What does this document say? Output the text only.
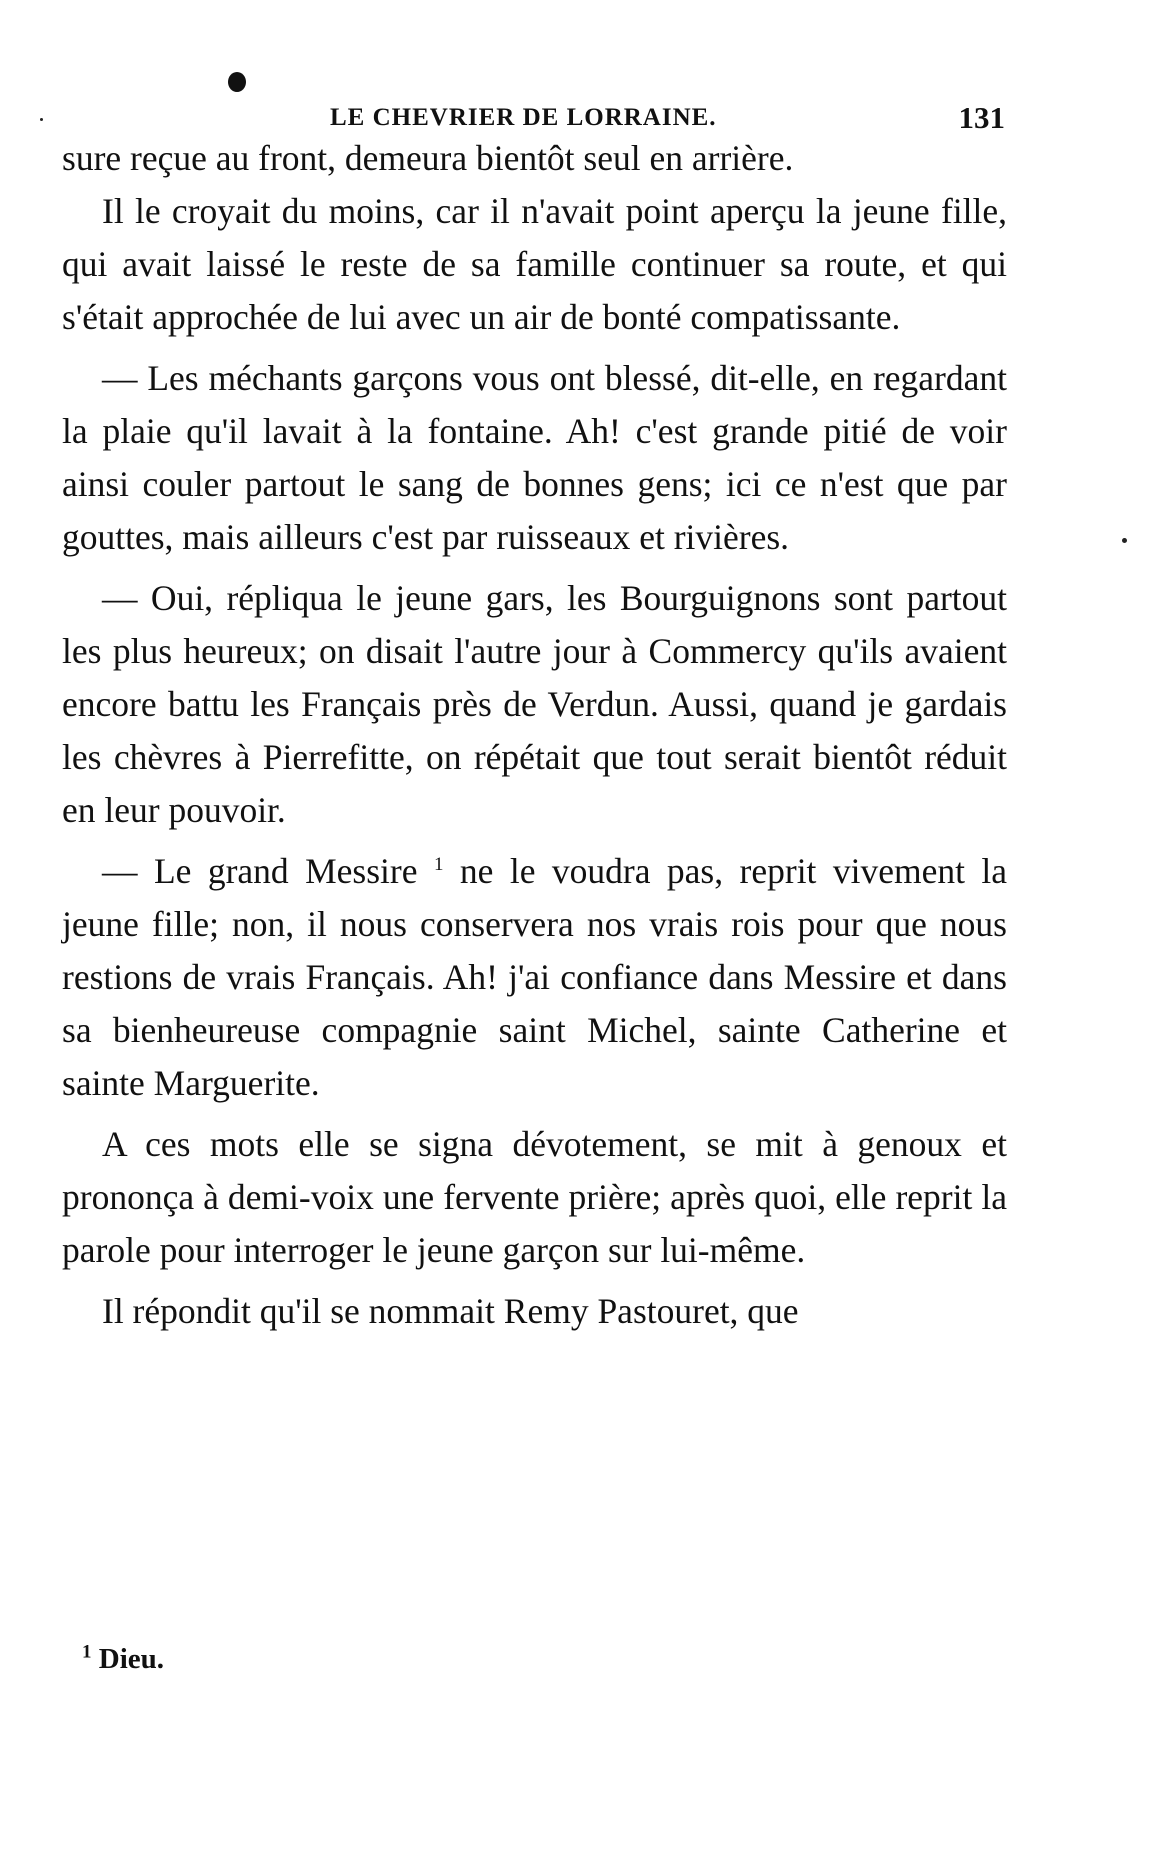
LE CHEVRIER DE LORRAINE.	131

sure reçue au front, demeura bientôt seul en arrière.

Il le croyait du moins, car il n'avait point aperçu la jeune fille, qui avait laissé le reste de sa famille continuer sa route, et qui s'était approchée de lui avec un air de bonté compatissante.

— Les méchants garçons vous ont blessé, dit-elle, en regardant la plaie qu'il lavait à la fontaine. Ah! c'est grande pitié de voir ainsi couler partout le sang de bonnes gens; ici ce n'est que par gouttes, mais ailleurs c'est par ruisseaux et rivières.

— Oui, répliqua le jeune gars, les Bourguignons sont partout les plus heureux; on disait l'autre jour à Commercy qu'ils avaient encore battu les Français près de Verdun. Aussi, quand je gardais les chèvres à Pierrefitte, on répétait que tout serait bientôt réduit en leur pouvoir.

— Le grand Messire $^1$ ne le voudra pas, reprit vivement la jeune fille; non, il nous conservera nos vrais rois pour que nous restions de vrais Français. Ah! j'ai confiance dans Messire et dans sa bienheureuse compagnie saint Michel, sainte Catherine et sainte Marguerite.

A ces mots elle se signa dévotement, se mit à genoux et prononça à demi-voix une fervente prière; après quoi, elle reprit la parole pour interroger le jeune garçon sur lui-même.

Il répondit qu'il se nommait Remy Pastouret, que

$^1$ Dieu.
